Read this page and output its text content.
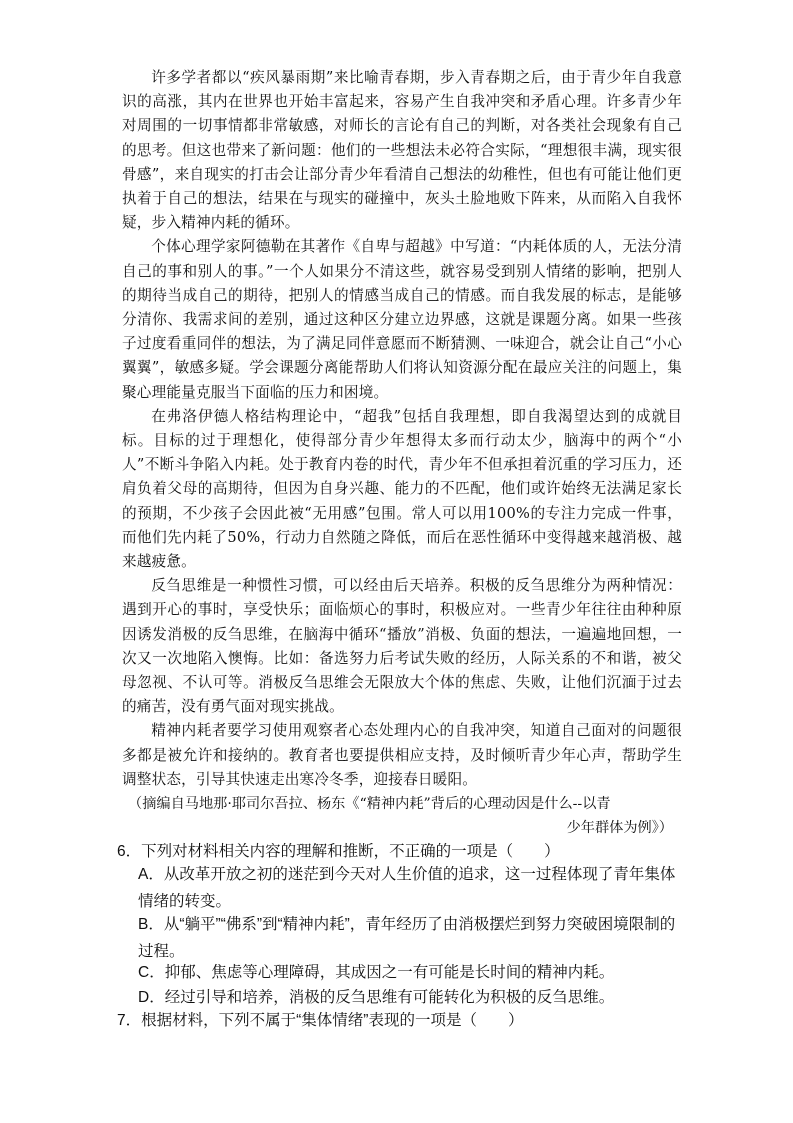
许多学者都以“疾风暴雨期”来比喻青春期，步入青春期之后，由于青少年自我意识的高涨，其内在世界也开始丰富起来，容易产生自我冲突和矛盾心理。许多青少年对周围的一切事情都非常敏感，对师长的言论有自己的判断，对各类社会现象有自己的思考。但这也带来了新问题：他们的一些想法未必符合实际，“理想很丰满，现实很骨感”，来自现实的打击会让部分青少年看清自己想法的幼稚性，但也有可能让他们更执着于自己的想法，结果在与现实的碰撞中，灰头土脸地败下阵来，从而陷入自我怀疑，步入精神内耗的循环。

个体心理学家阿德勒在其著作《自卑与超越》中写道：“内耗体质的人，无法分清自己的事和别人的事。”一个人如果分不清这些，就容易受到别人情绪的影响，把别人的期待当成自己的期待，把别人的情感当成自己的情感。而自我发展的标志，是能够分清你、我需求间的差别，通过这种区分建立边界感，这就是课题分离。如果一些孩子过度看重同伴的想法，为了满足同伴意愿而不断猜测、一味迎合，就会让自己“小心翼翼”，敏感多疑。学会课题分离能帮助人们将认知资源分配在最应关注的问题上，集聚心理能量克服当下面临的压力和困境。

在弗洛伊德人格结构理论中，“超我”包括自我理想，即自我渴望达到的成就目标。目标的过于理想化，使得部分青少年想得太多而行动太少，脑海中的两个“小人”不断斗争陷入内耗。处于教育内卷的时代，青少年不但承担着沉重的学习压力，还肩负着父母的高期待，但因为自身兴趣、能力的不匹配，他们或许始终无法满足家长的预期，不少孩子会因此被“无用感”包围。常人可以用100%的专注力完成一件事，而他们先内耗了50%，行动力自然随之降低，而后在恶性循环中变得越来越消极、越来越疲惫。

反刍思维是一种惯性习惯，可以经由后天培养。积极的反刍思维分为两种情况：遇到开心的事时，享受快乐；面临烦心的事时，积极应对。一些青少年往往由种种原因诱发消极的反刍思维，在脑海中循环“播放”消极、负面的想法，一遍遍地回想，一次又一次地陷入懊悔。比如：备选努力后考试失败的经历，人际关系的不和谐，被父母忽视、不认可等。消极反刍思维会无限放大个体的焦虑、失败，让他们沉湎于过去的痛苦，没有勇气面对现实挑战。

精神内耗者要学习使用观察者心态处理内心的自我冲突，知道自己面对的问题很多都是被允许和接纳的。教育者也要提供相应支持，及时倾听青少年心声，帮助学生调整状态，引导其快速走出寒冷冬季，迎接春日暖阳。

（摘编自马地那·耶司尔吾拉、杨东《“精神内耗”背后的心理动因是什么--以青

少年群体为例》）

6．下列对材料相关内容的理解和推断，不正确的一项是（　　）
A．从改革开放之初的迷茫到今天对人生价值的追求，这一过程体现了青年集体情绪的转变。
B．从“躺平”“佛系”到“精神内耗”，青年经历了由消极摆烂到努力突破困境限制的过程。
C．抑郁、焦虑等心理障碍，其成因之一有可能是长时间的精神内耗。
D．经过引导和培养，消极的反刍思维有可能转化为积极的反刍思维。
7．根据材料，下列不属于“集体情绪”表现的一项是（　　）
